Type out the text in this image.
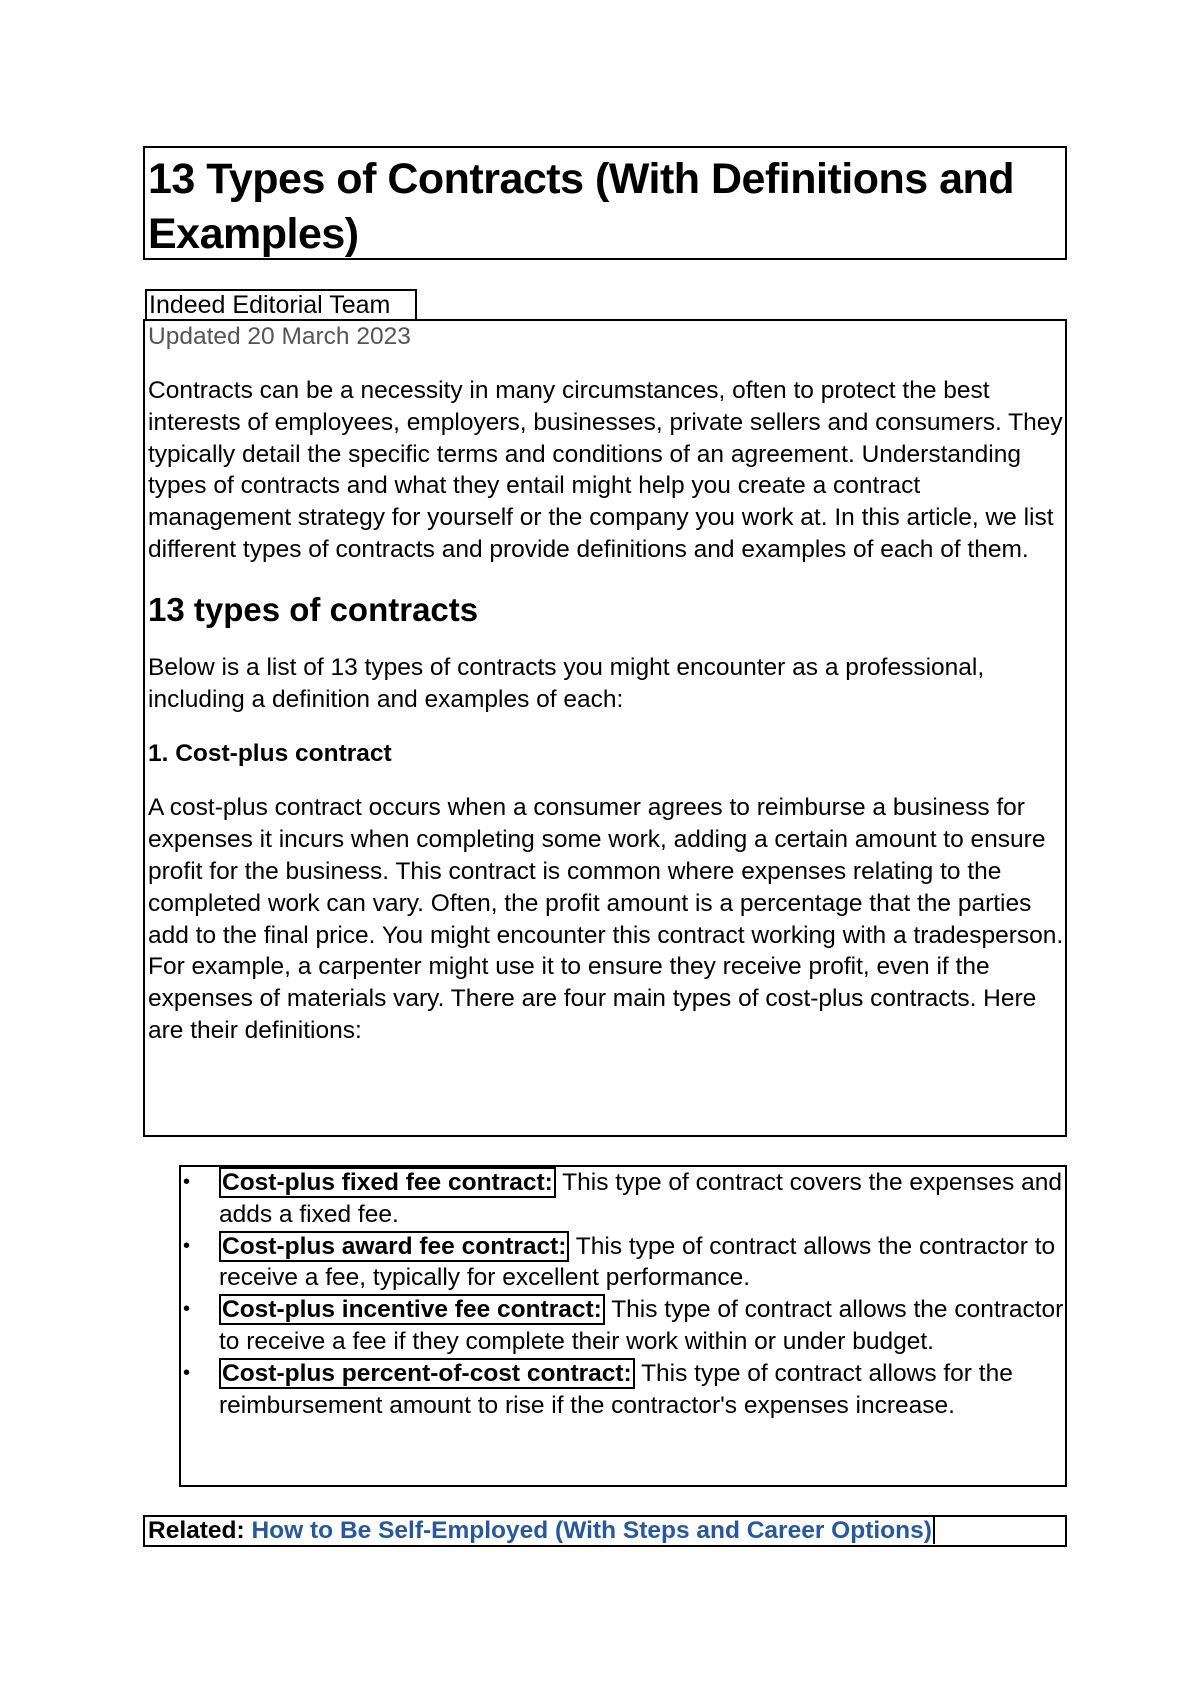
13 Types of Contracts (With Definitions and Examples)
Indeed Editorial Team

Updated 20 March 2023

Contracts can be a necessity in many circumstances, often to protect the best interests of employees, employers, businesses, private sellers and consumers. They typically detail the specific terms and conditions of an agreement. Understanding types of contracts and what they entail might help you create a contract management strategy for yourself or the company you work at. In this article, we list different types of contracts and provide definitions and examples of each of them.

13 types of contracts

Below is a list of 13 types of contracts you might encounter as a professional, including a definition and examples of each:

1. Cost-plus contract

A cost-plus contract occurs when a consumer agrees to reimburse a business for expenses it incurs when completing some work, adding a certain amount to ensure profit for the business. This contract is common where expenses relating to the completed work can vary. Often, the profit amount is a percentage that the parties add to the final price. You might encounter this contract working with a tradesperson. For example, a carpenter might use it to ensure they receive profit, even if the expenses of materials vary. There are four main types of cost-plus contracts. Here are their definitions:

• Cost-plus fixed fee contract: This type of contract covers the expenses and adds a fixed fee.
• Cost-plus award fee contract: This type of contract allows the contractor to receive a fee, typically for excellent performance.
• Cost-plus incentive fee contract: This type of contract allows the contractor to receive a fee if they complete their work within or under budget.
• Cost-plus percent-of-cost contract: This type of contract allows for the reimbursement amount to rise if the contractor's expenses increase.
Related: How to Be Self-Employed (With Steps and Career Options)
